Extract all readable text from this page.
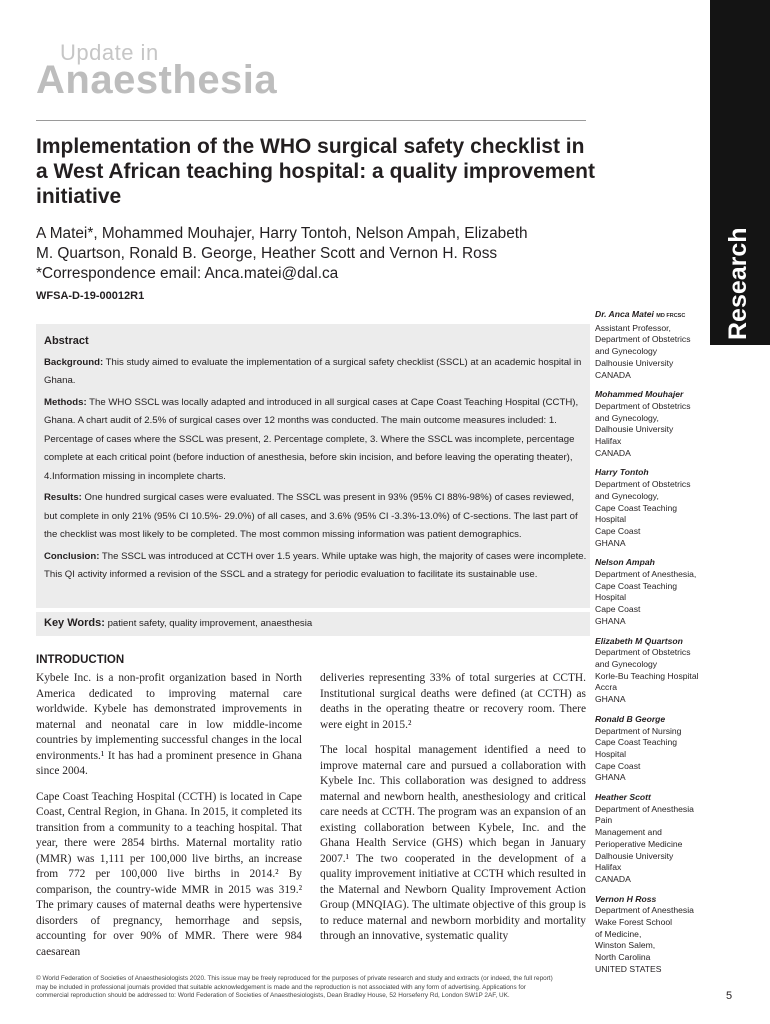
Update in
Anaesthesia
Research
Implementation of the WHO surgical safety checklist in a West African teaching hospital: a quality improvement initiative
A Matei*, Mohammed Mouhajer, Harry Tontoh, Nelson Ampah, Elizabeth
M. Quartson, Ronald B. George, Heather Scott and Vernon H. Ross
*Correspondence email: Anca.matei@dal.ca
WFSA-D-19-00012R1
Abstract
Background: This study aimed to evaluate the implementation of a surgical safety checklist (SSCL) at an academic hospital in Ghana.
Methods: The WHO SSCL was locally adapted and introduced in all surgical cases at Cape Coast Teaching Hospital (CCTH), Ghana. A chart audit of 2.5% of surgical cases over 12 months was conducted. The main outcome measures included: 1. Percentage of cases where the SSCL was present, 2. Percentage complete, 3. Where the SSCL was incomplete, percentage complete at each critical point (before induction of anesthesia, before skin incision, and before leaving the operating theater), 4.Information missing in incomplete charts.
Results: One hundred surgical cases were evaluated. The SSCL was present in 93% (95% CI 88%-98%) of cases reviewed, but complete in only 21% (95% CI 10.5%- 29.0%) of all cases, and 3.6% (95% CI -3.3%-13.0%) of C-sections. The last part of the checklist was most likely to be completed. The most common missing information was patient demographics.
Conclusion: The SSCL was introduced at CCTH over 1.5 years. While uptake was high, the majority of cases were incomplete. This QI activity informed a revision of the SSCL and a strategy for periodic evaluation to facilitate its sustainable use.
Key Words: patient safety, quality improvement, anaesthesia
INTRODUCTION

Kybele Inc. is a non-profit organization based in North America dedicated to improving maternal care worldwide. Kybele has demonstrated improvements in maternal and neonatal care in low middle-income countries by implementing successful changes in the local environments.¹ It has had a prominent presence in Ghana since 2004.

Cape Coast Teaching Hospital (CCTH) is located in Cape Coast, Central Region, in Ghana. In 2015, it completed its transition from a community to a teaching hospital. That year, there were 2854 births. Maternal mortality ratio (MMR) was 1,111 per 100,000 live births, an increase from 772 per 100,000 live births in 2014.² By comparison, the country-wide MMR in 2015 was 319.² The primary causes of maternal deaths were hypertensive disorders of pregnancy, hemorrhage and sepsis, accounting for over 90% of MMR. There were 984 caesarean

deliveries representing 33% of total surgeries at CCTH. Institutional surgical deaths were defined (at CCTH) as deaths in the operating theatre or recovery room. There were eight in 2015.²

The local hospital management identified a need to improve maternal care and pursued a collaboration with Kybele Inc. This collaboration was designed to address maternal and newborn health, anesthesiology and critical care needs at CCTH. The program was an expansion of an existing collaboration between Kybele, Inc. and the Ghana Health Service (GHS) which began in January 2007.¹ The two cooperated in the development of a quality improvement initiative at CCTH which resulted in the Maternal and Newborn Quality Improvement Action Group (MNQIAG). The ultimate objective of this group is to reduce maternal and newborn morbidity and mortality through an innovative, systematic quality

Dr. Anca Matei MD FRCSC
Assistant Professor,
Department of Obstetrics
and Gynecology
Dalhousie University
CANADA
Mohammed Mouhajer
Department of Obstetrics
and Gynecology,
Dalhousie University
Halifax
CANADA
Harry Tontoh
Department of Obstetrics
and Gynecology,
Cape Coast Teaching Hospital
Cape Coast
GHANA
Nelson Ampah
Department of Anesthesia,
Cape Coast Teaching Hospital
Cape Coast
GHANA
Elizabeth M Quartson
Department of Obstetrics
and Gynecology
Korle-Bu Teaching Hospital
Accra
GHANA
Ronald B George
Department of Nursing
Cape Coast Teaching Hospital
Cape Coast
GHANA
Heather Scott
Department of Anesthesia Pain
Management and
Perioperative Medicine
Dalhousie University
Halifax
CANADA
Vernon H Ross
Department of Anesthesia
Wake Forest School
of Medicine,
Winston Salem,
North Carolina
UNITED STATES
© World Federation of Societies of Anaesthesiologists 2020. This issue may be freely reproduced for the purposes of private research and study and extracts (or indeed, the full report)
may be included in professional journals provided that suitable acknowledgement is made and the reproduction is not associated with any form of advertising. Applications for
commercial reproduction should be addressed to: World Federation of Societies of Anaesthesiologists, Dean Bradley House, 52 Horseferry Rd, London SW1P 2AF, UK.	5
